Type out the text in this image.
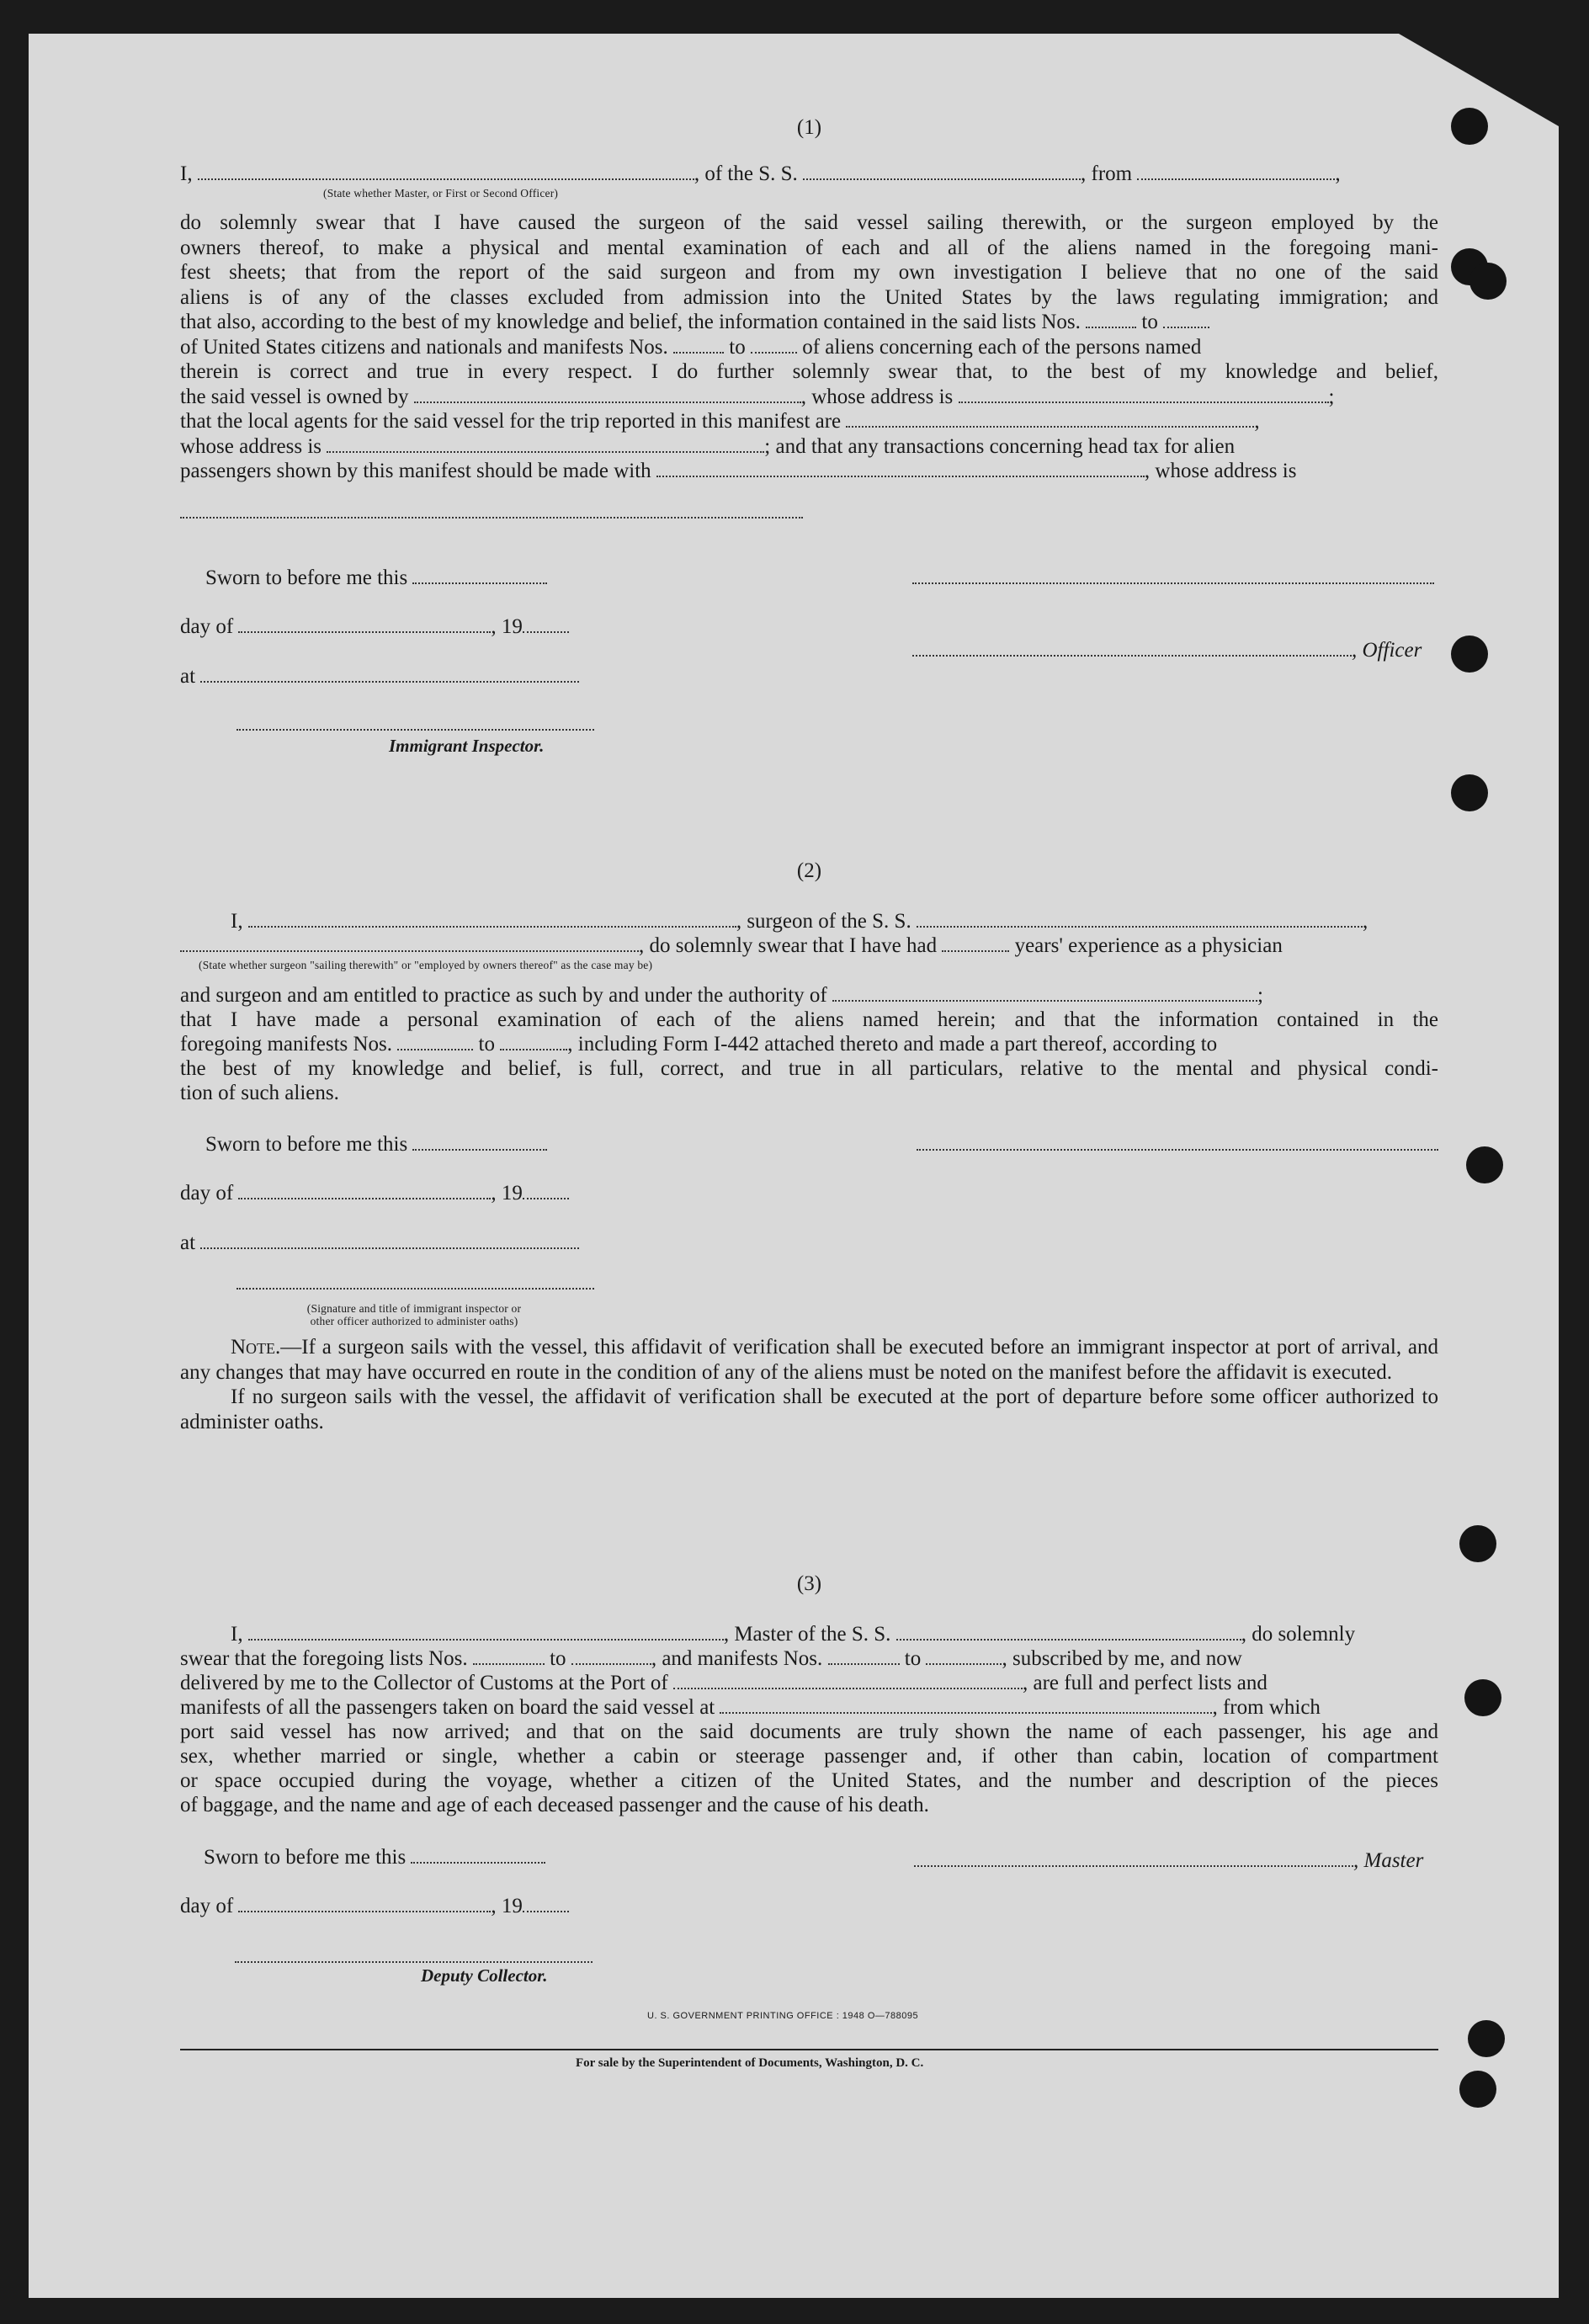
(1)
I,	, of the S. S.	, from	,
(State whether Master, or First or Second Officer)
do solemnly swear that I have caused the surgeon of the said vessel sailing therewith, or the surgeon employed by the
owners thereof, to make a physical and mental examination of each and all of the aliens named in the foregoing mani-
fest sheets; that from the report of the said surgeon and from my own investigation I believe that no one of the said
aliens is of any of the classes excluded from admission into the United States by the laws regulating immigration; and
that also, according to the best of my knowledge and belief, the information contained in the said lists Nos.	to
of United States citizens and nationals and manifests Nos.	to	of aliens concerning each of the persons named
therein is correct and true in every respect. I do further solemnly swear that, to the best of my knowledge and belief,
the said vessel is owned by	, whose address is	;
that the local agents for the said vessel for the trip reported in this manifest are	,
whose address is	; and that any transactions concerning head tax for alien
passengers shown by this manifest should be made with	, whose address is
Sworn to before me this
day of	, 19
, Officer
at
Immigrant Inspector.
(2)
I,	, surgeon of the S. S.	,
, do solemnly swear that I have had	years' experience as a physician
(State whether surgeon "sailing therewith" or "employed by owners thereof" as the case may be)
and surgeon and am entitled to practice as such by and under the authority of	;
that I have made a personal examination of each of the aliens named herein; and that the information contained in the
foregoing manifests Nos.	to	, including Form I-442 attached thereto and made a part thereof, according to
the best of my knowledge and belief, is full, correct, and true in all particulars, relative to the mental and physical condi-
tion of such aliens.
Sworn to before me this
day of	, 19
at
(Signature and title of immigrant inspector or
other officer authorized to administer oaths)
Note.—If a surgeon sails with the vessel, this affidavit of verification shall be executed before an immigrant inspector at port of arrival, and any changes that may have occurred en route in the condition of any of the aliens must be noted on the manifest before the affidavit is executed.
If no surgeon sails with the vessel, the affidavit of verification shall be executed at the port of departure before some officer authorized to administer oaths.
(3)
I,	, Master of the S. S.	, do solemnly
swear that the foregoing lists Nos.	to	, and manifests Nos.	to	, subscribed by me, and now
delivered by me to the Collector of Customs at the Port of	, are full and perfect lists and
manifests of all the passengers taken on board the said vessel at	, from which
port said vessel has now arrived; and that on the said documents are truly shown the name of each passenger, his age and
sex, whether married or single, whether a cabin or steerage passenger and, if other than cabin, location of compartment
or space occupied during the voyage, whether a citizen of the United States, and the number and description of the pieces
of baggage, and the name and age of each deceased passenger and the cause of his death.
Sworn to before me this	, Master
day of	, 19
Deputy Collector.
U. S. GOVERNMENT PRINTING OFFICE : 1948 O—788095
For sale by the Superintendent of Documents, Washington, D. C.
